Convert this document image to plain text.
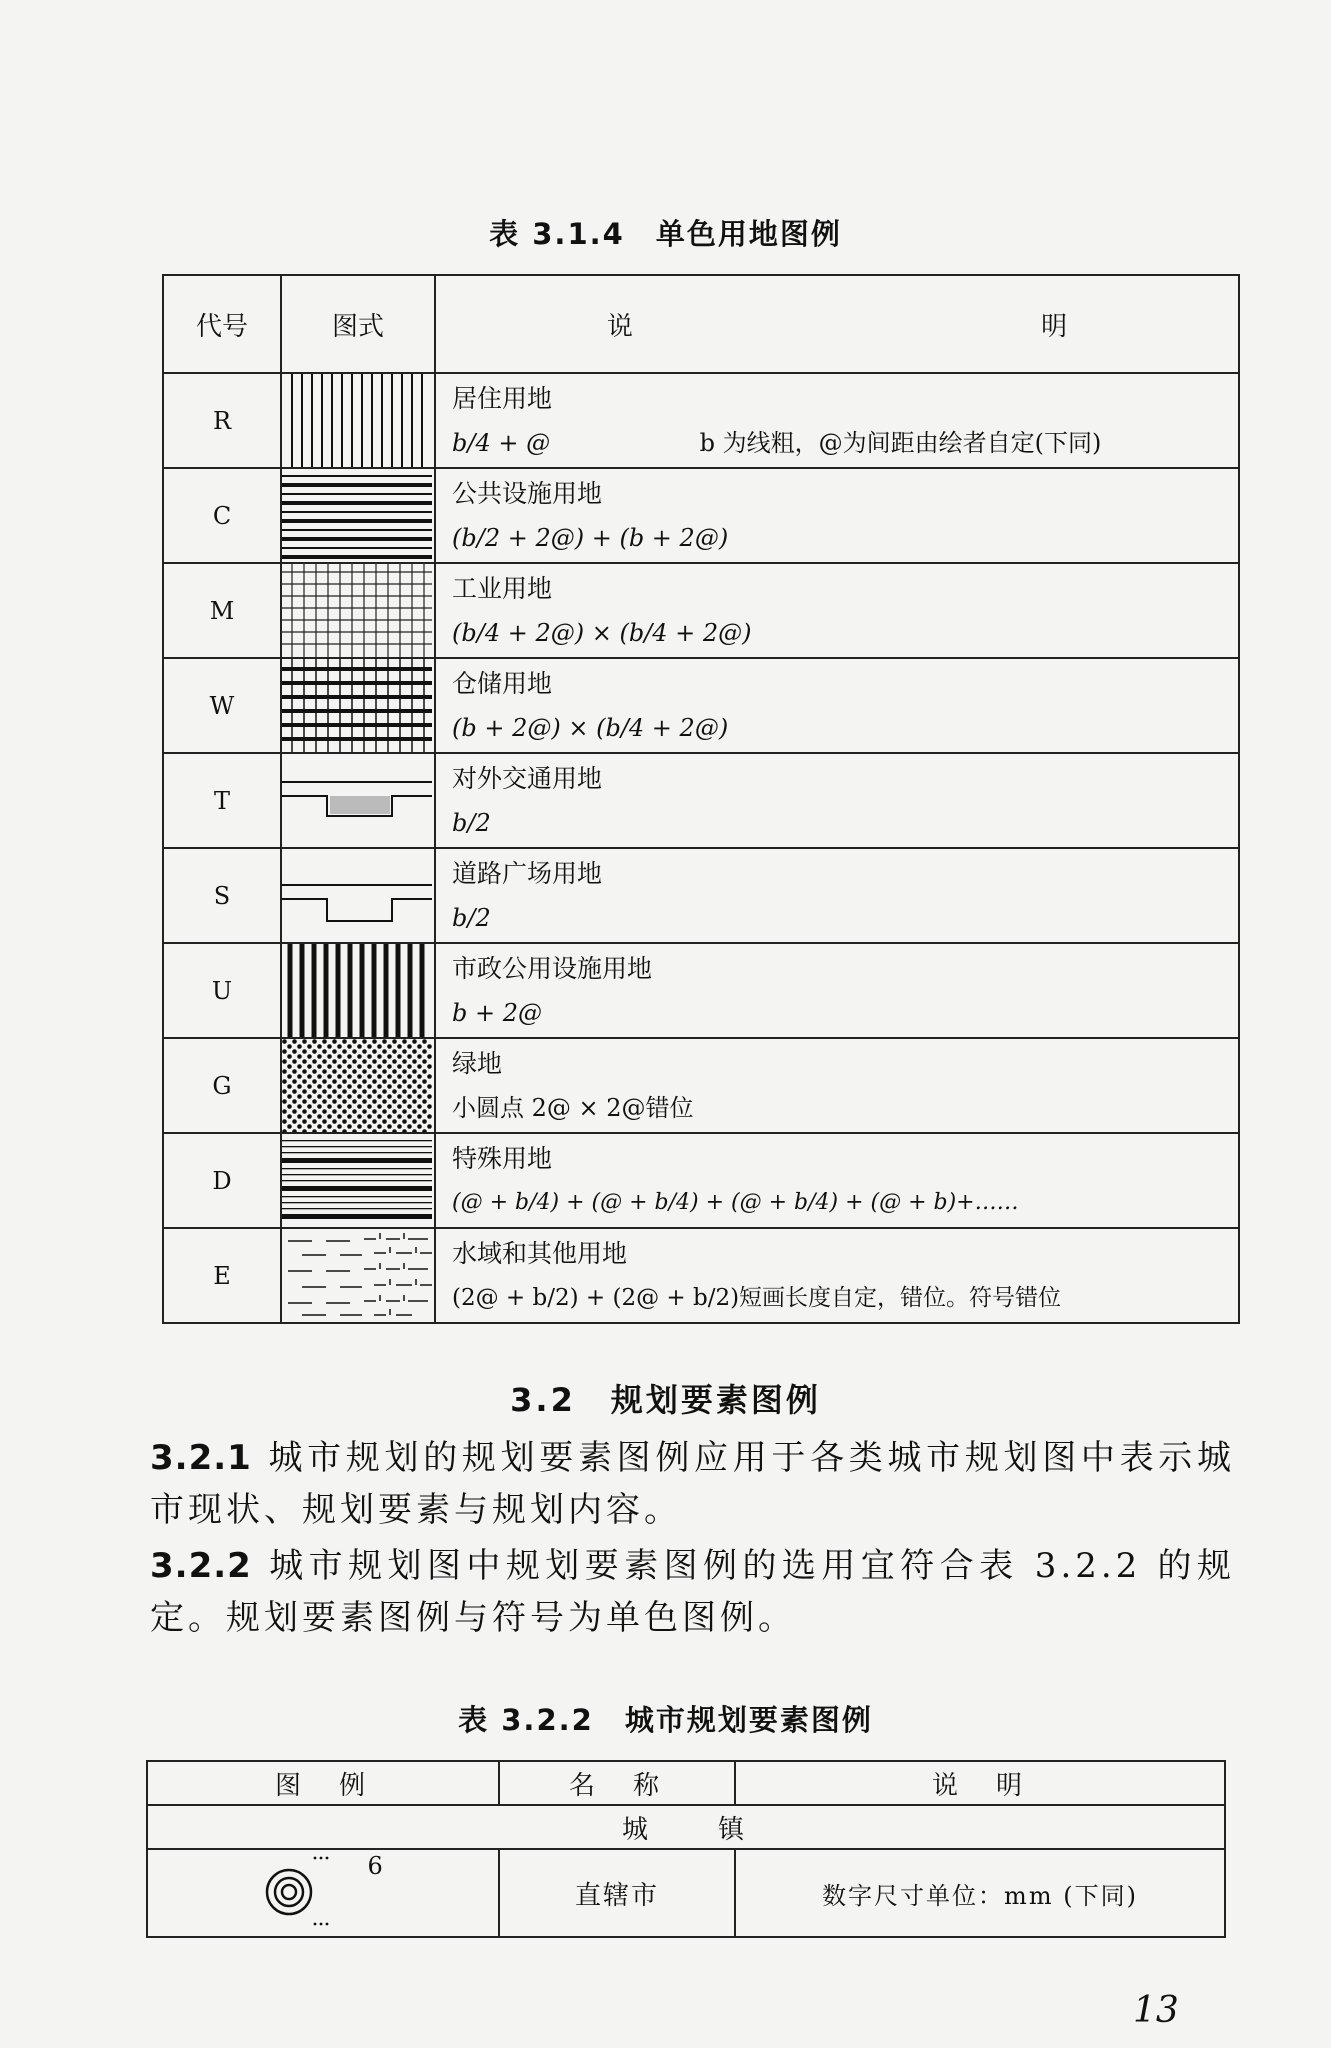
表 3.1.4　单色用地图例
代号	图式	说 明
R		居住用地
b/4 + @ b 为线粗，@为间距由绘者自定(下同)

C		公共设施用地
(b/2 + 2@) + (b + 2@)

M		工业用地
(b/4 + 2@) × (b/4 + 2@)

W		仓储用地
(b + 2@) × (b/4 + 2@)

T		对外交通用地
b/2

S		道路广场用地
b/2

U		市政公用设施用地
b + 2@

G		绿地
小圆点 2@ × 2@错位

D		特殊用地
(@ + b/4) + (@ + b/4) + (@ + b/4) + (@ + b)+……

E		水域和其他用地
(2@ + b/2) + (2@ + b/2)短画长度自定，错位。符号错位
3.2　规划要素图例
3.2.1 城市规划的规划要素图例应用于各类城市规划图中表示城市现状、规划要素与规划内容。
3.2.2 城市规划图中规划要素图例的选用宜符合表 3.2.2 的规定。规划要素图例与符号为单色图例。
表 3.2.2　城市规划要素图例
图　例	名　称	说　明
城　　镇		
6	直辖市	数字尺寸单位：mm (下同)
13
